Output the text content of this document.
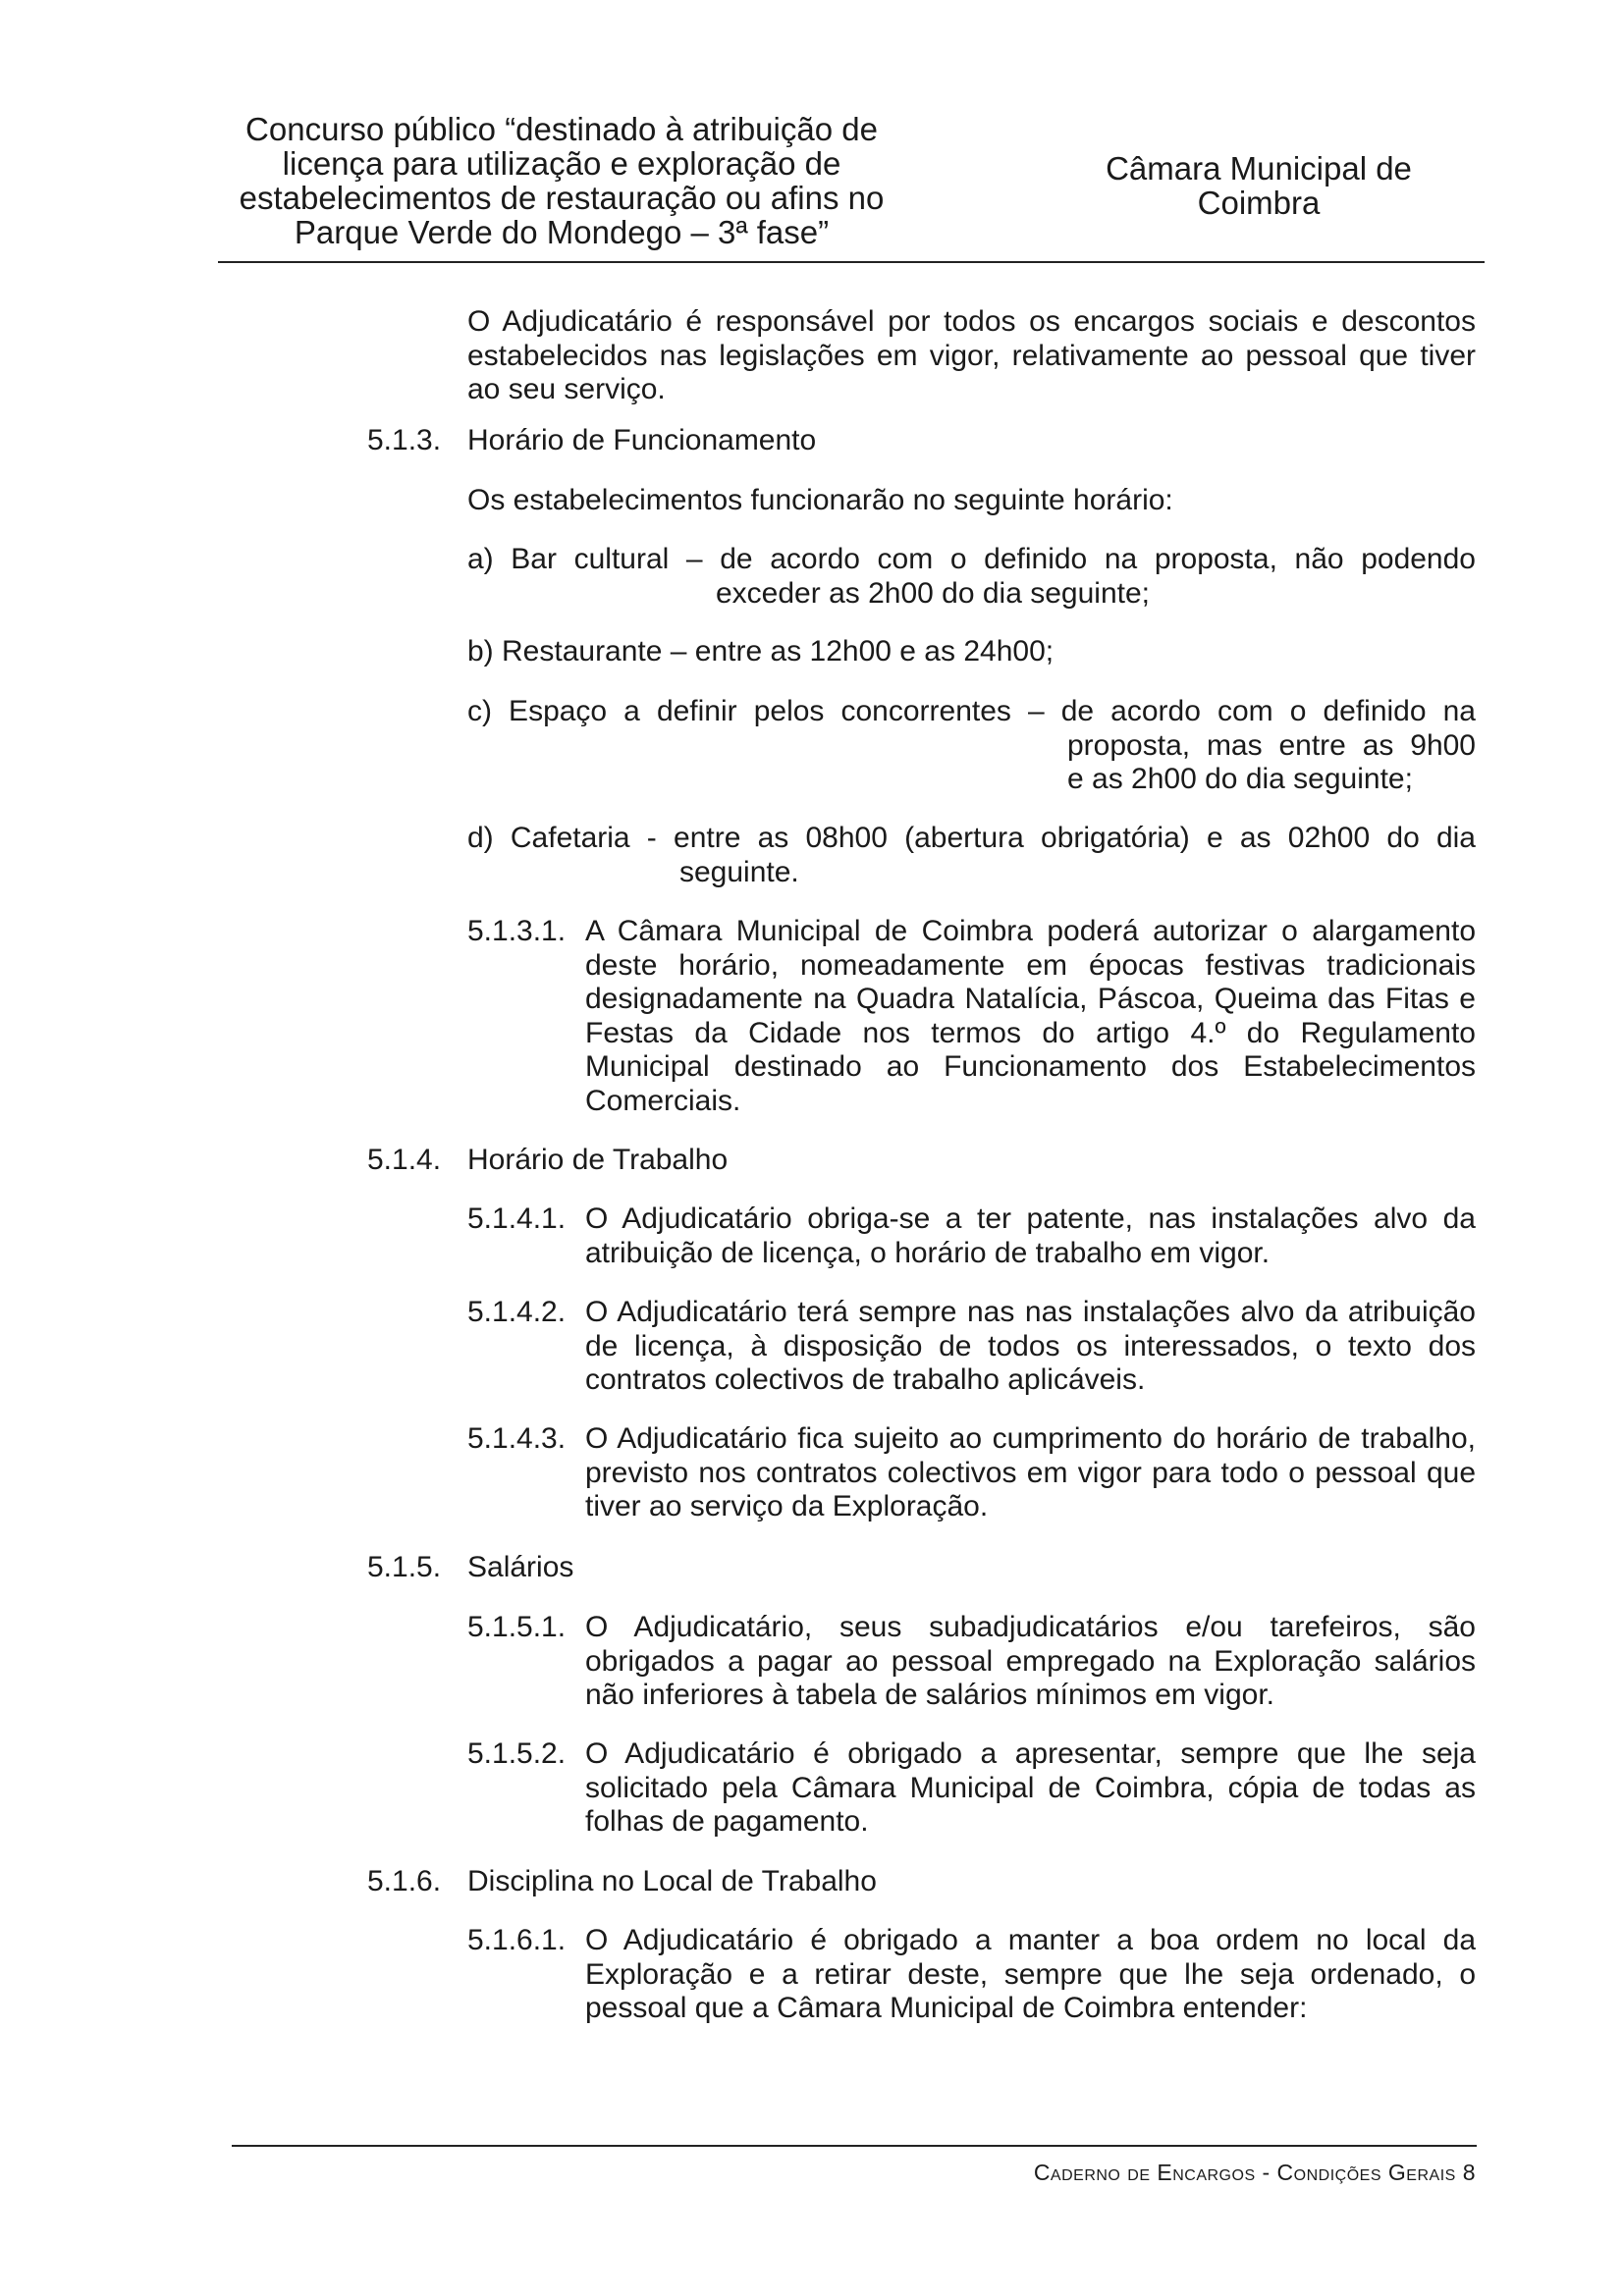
Concurso público “destinado à atribuição de
licença para utilização e exploração de
estabelecimentos de restauração ou afins no
Parque Verde do Mondego – 3ª fase”
Câmara Municipal de
Coimbra
O Adjudicatário é responsável por todos os encargos sociais e descontos estabelecidos nas legislações em vigor, relativamente ao pessoal que tiver ao seu serviço.
5.1.3. Horário de Funcionamento
Os estabelecimentos funcionarão no seguinte horário:
a) Bar cultural – de acordo com o definido na proposta, não podendo
exceder as 2h00 do dia seguinte;
b) Restaurante – entre as 12h00 e as 24h00;
c) Espaço a definir pelos concorrentes – de acordo com o definido na
proposta, mas entre as 9h00
e as 2h00 do dia seguinte;
d) Cafetaria - entre as 08h00 (abertura obrigatória) e as 02h00 do dia
seguinte.
5.1.3.1. A Câmara Municipal de Coimbra poderá autorizar o alargamento deste horário, nomeadamente em épocas festivas tradicionais designadamente na Quadra Natalícia, Páscoa, Queima das Fitas e Festas da Cidade nos termos do artigo 4.º do Regulamento Municipal destinado ao Funcionamento dos Estabelecimentos Comerciais.
5.1.4. Horário de Trabalho
5.1.4.1. O Adjudicatário obriga-se a ter patente, nas instalações alvo da atribuição de licença, o horário de trabalho em vigor.
5.1.4.2. O Adjudicatário terá sempre nas nas instalações alvo da atribuição de licença, à disposição de todos os interessados, o texto dos contratos colectivos de trabalho aplicáveis.
5.1.4.3. O Adjudicatário fica sujeito ao cumprimento do horário de trabalho, previsto nos contratos colectivos em vigor para todo o pessoal que tiver ao serviço da Exploração.
5.1.5. Salários
5.1.5.1. O Adjudicatário, seus subadjudicatários e/ou tarefeiros, são obrigados a pagar ao pessoal empregado na Exploração salários não inferiores à tabela de salários mínimos em vigor.
5.1.5.2. O Adjudicatário é obrigado a apresentar, sempre que lhe seja solicitado pela Câmara Municipal de Coimbra, cópia de todas as folhas de pagamento.
5.1.6. Disciplina no Local de Trabalho
5.1.6.1. O Adjudicatário é obrigado a manter a boa ordem no local da Exploração e a retirar deste, sempre que lhe seja ordenado, o pessoal que a Câmara Municipal de Coimbra entender:
Caderno de Encargos - Condições Gerais 8
